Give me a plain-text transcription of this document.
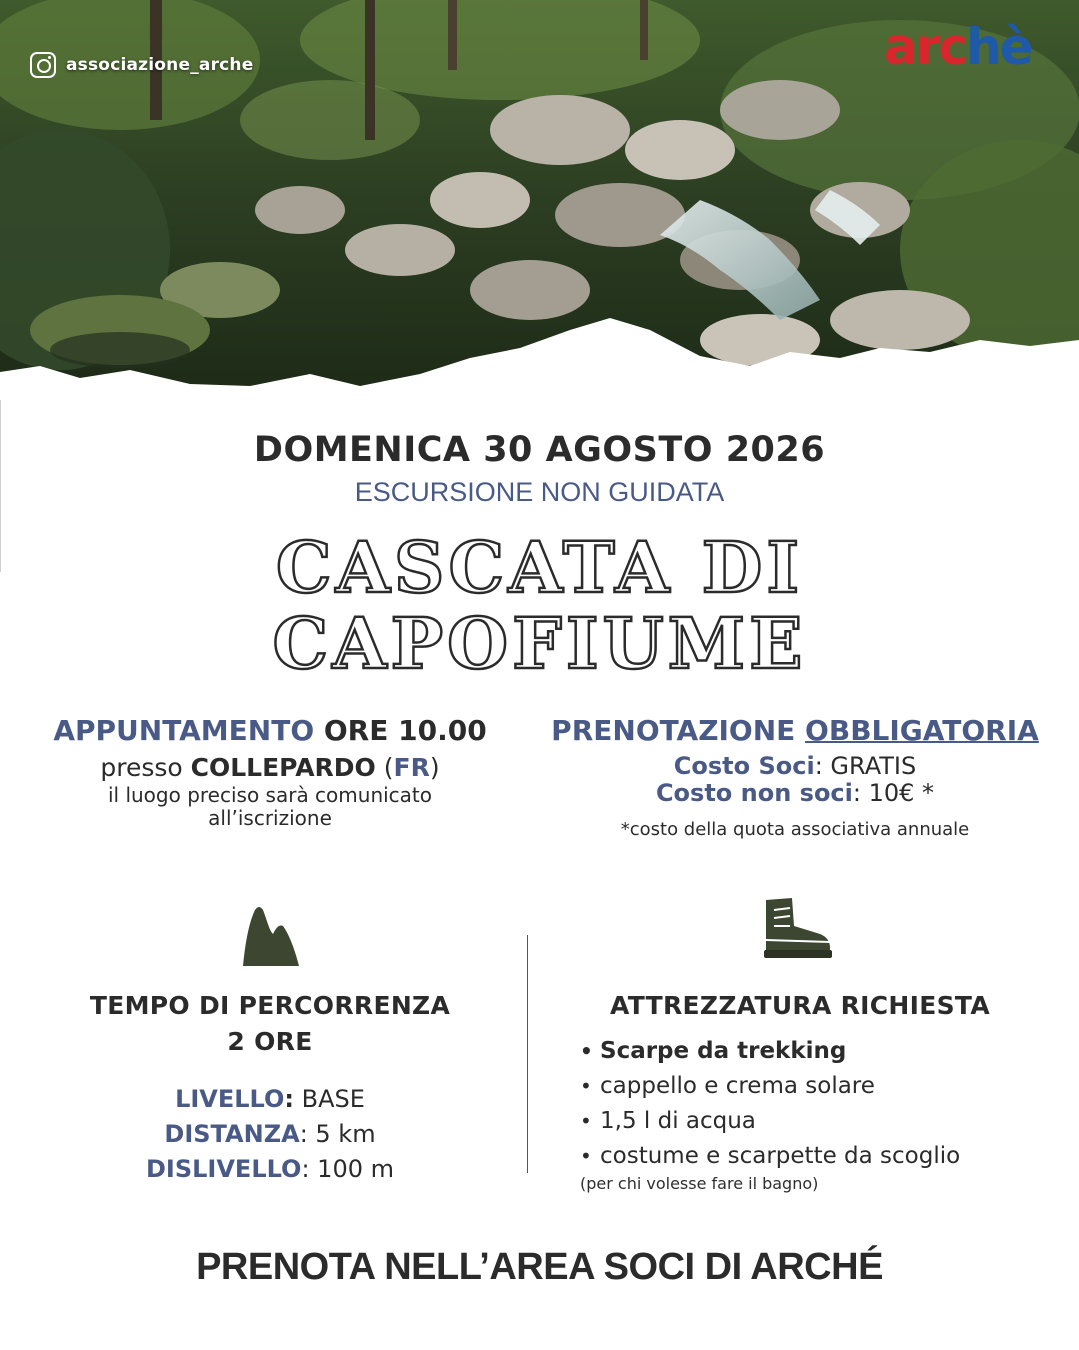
associazione_arche	archè
DOMENICA 30 AGOSTO 2026
ESCURSIONE NON GUIDATA
CASCATA DI
CAPOFIUME
APPUNTAMENTO ORE 10.00
presso COLLEPARDO (FR)
il luogo preciso sarà comunicato
all’iscrizione
PRENOTAZIONE OBBLIGATORIA
Costo Soci: GRATIS
Costo non soci: 10€ *
*costo della quota associativa annuale
TEMPO DI PERCORRENZA
2 ORE
LIVELLO: BASE
DISTANZA: 5 km
DISLIVELLO: 100 m
ATTREZZATURA RICHIESTA
• Scarpe da trekking
• cappello e crema solare
• 1,5 l di acqua
• costume e scarpette da scoglio
(per chi volesse fare il bagno)
PRENOTA NELL’AREA SOCI DI ARCHÉ
